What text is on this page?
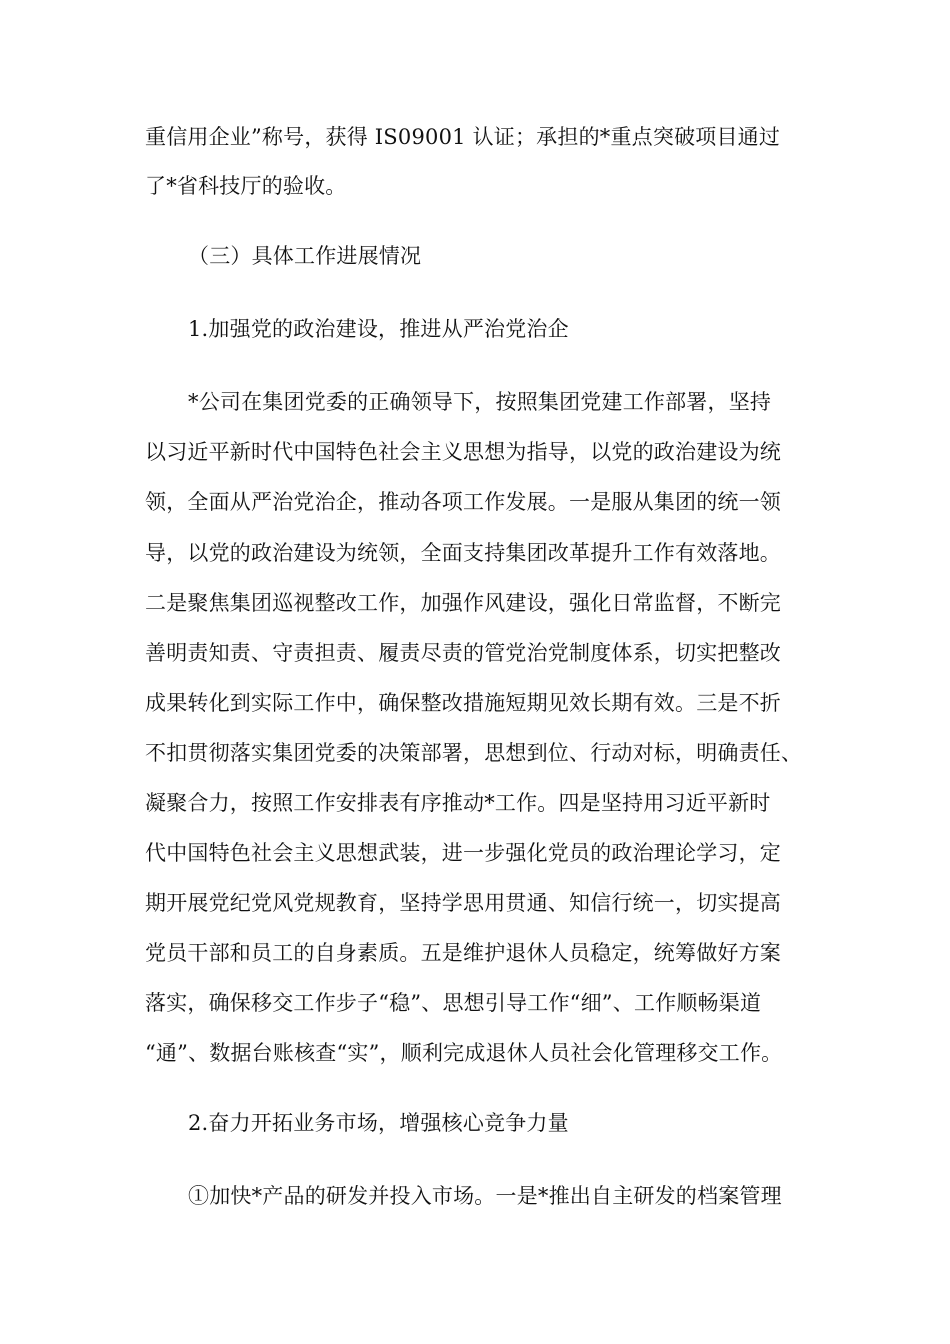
重信用企业”称号，获得 IS09001 认证；承担的*重点突破项目通过
了*省科技厅的验收。
（三）具体工作进展情况
1.加强党的政治建设，推进从严治党治企
*公司在集团党委的正确领导下，按照集团党建工作部署，坚持
以习近平新时代中国特色社会主义思想为指导，以党的政治建设为统
领，全面从严治党治企，推动各项工作发展。一是服从集团的统一领
导，以党的政治建设为统领，全面支持集团改革提升工作有效落地。
二是聚焦集团巡视整改工作，加强作风建设，强化日常监督，不断完
善明责知责、守责担责、履责尽责的管党治党制度体系，切实把整改
成果转化到实际工作中，确保整改措施短期见效长期有效。三是不折
不扣贯彻落实集团党委的决策部署，思想到位、行动对标，明确责任、
凝聚合力，按照工作安排表有序推动*工作。四是坚持用习近平新时
代中国特色社会主义思想武装，进一步强化党员的政治理论学习，定
期开展党纪党风党规教育，坚持学思用贯通、知信行统一，切实提高
党员干部和员工的自身素质。五是维护退休人员稳定，统筹做好方案
落实，确保移交工作步子“稳”、思想引导工作“细”、工作顺畅渠道
“通”、数据台账核查“实”，顺利完成退休人员社会化管理移交工作。
2.奋力开拓业务市场，增强核心竞争力量
①加快*产品的研发并投入市场。一是*推出自主研发的档案管理
